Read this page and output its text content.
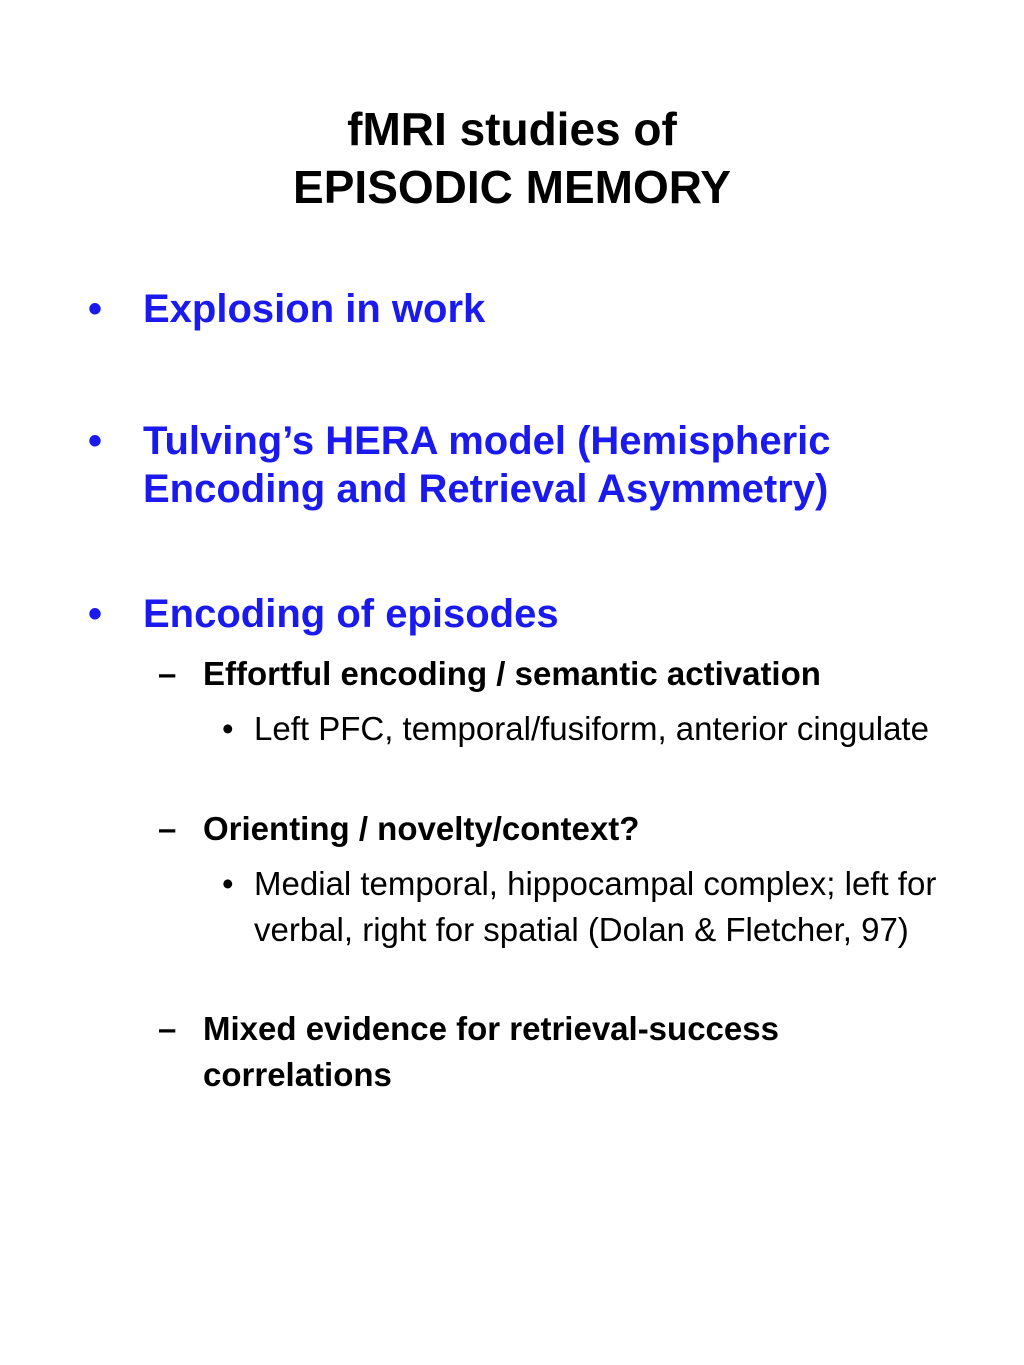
fMRI studies of
EPISODIC MEMORY
•	Explosion in work
•	Tulving’s HERA model (Hemispheric Encoding and Retrieval Asymmetry)
•	Encoding of episodes
– Effortful encoding / semantic activation
• Left PFC, temporal/fusiform, anterior cingulate
– Orienting / novelty/context?
• Medial temporal, hippocampal complex; left for verbal, right for spatial (Dolan & Fletcher, 97)
– Mixed evidence for retrieval-success correlations
